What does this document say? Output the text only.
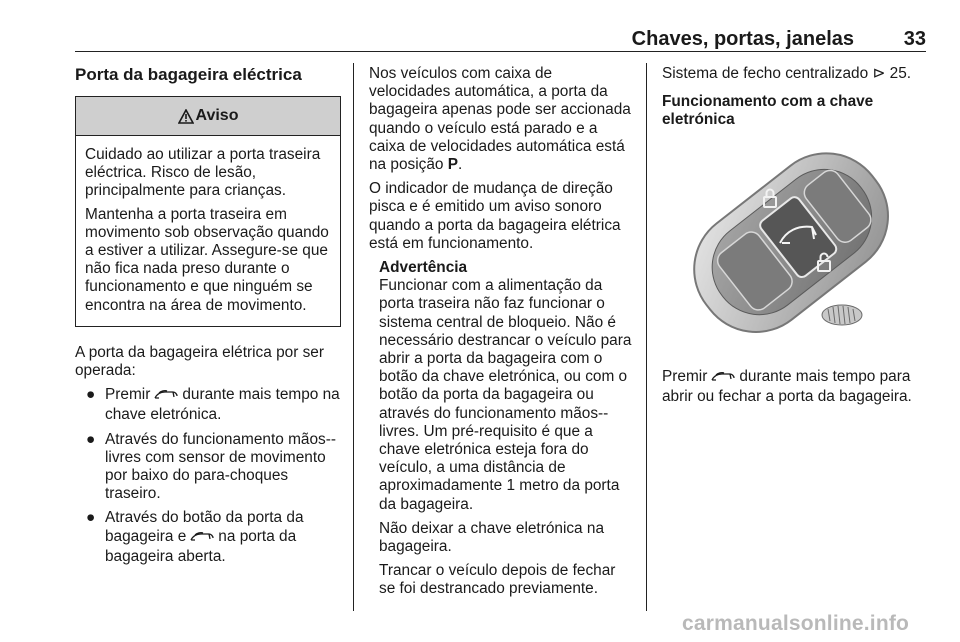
Chaves, portas, janelas 33
Porta da bagageira eléctrica
Aviso

Cuidado ao utilizar a porta traseira eléctrica. Risco de lesão, principalmente para crianças.

Mantenha a porta traseira em movimento sob observação quando a estiver a utilizar. Assegure-se que não fica nada preso durante o funcionamento e que ninguém se encontra na área de movimento.

A porta da bagageira elétrica por ser operada:

● Premir durante mais tempo na chave eletrónica.
● Através do funcionamento mãos--livres com sensor de movimento por baixo do para-choques traseiro.
● Através do botão da porta da bagageira e na porta da bagageira aberta.

Nos veículos com caixa de velocidades automática, a porta da bagageira apenas pode ser accionada quando o veículo está parado e a caixa de velocidades automática está na posição P.

O indicador de mudança de direção pisca e é emitido um aviso sonoro quando a porta da bagageira elétrica está em funcionamento.

Advertência

Funcionar com a alimentação da porta traseira não faz funcionar o sistema central de bloqueio. Não é necessário destrancar o veículo para abrir a porta da bagageira com o botão da chave eletrónica, ou com o botão da porta da bagageira ou através do funcionamento mãos--livres. Um pré-requisito é que a chave eletrónica esteja fora do veículo, a uma distância de aproximadamente 1 metro da porta da bagageira.

Não deixar a chave eletrónica na bagageira.

Trancar o veículo depois de fechar se foi destrancado previamente.

Sistema de fecho centralizado ⊳ 25.

Funcionamento com a chave eletrónica

Premir durante mais tempo para abrir ou fechar a porta da bagageira.

carmanualsonline.info
